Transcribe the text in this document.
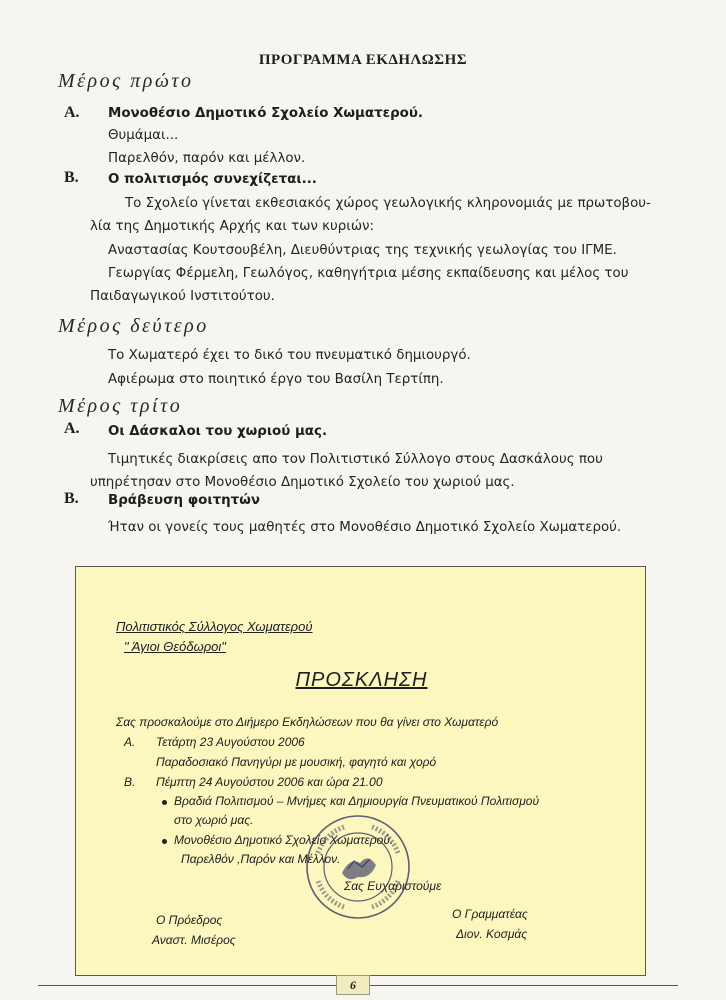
ΠΡΟΓΡΑΜΜΑ ΕΚΔΗΛΩΣΗΣ
Μέρος πρώτο
Α. Μονοθέσιο Δημοτικό Σχολείο Χωματερού.
Θυμάμαι...
Παρελθόν, παρόν και μέλλον.
Β. Ο πολιτισμός συνεχίζεται...
Το Σχολείο γίνεται εκθεσιακός χώρος γεωλογικής κληρονομιάς με πρωτοβου-
λία της Δημοτικής Αρχής και των κυριών:
Αναστασίας Κουτσουβέλη, Διευθύντριας της τεχνικής γεωλογίας του ΙΓΜΕ.
Γεωργίας Φέρμελη, Γεωλόγος, καθηγήτρια μέσης εκπαίδευσης και μέλος του
Παιδαγωγικού Ινστιτούτου.
Μέρος δεύτερο
Το Χωματερό έχει το δικό του πνευματικό δημιουργό.
Αφιέρωμα στο ποιητικό έργο του Βασίλη Τερτίπη.
Μέρος τρίτο
Α. Οι Δάσκαλοι του χωριού μας.
Τιμητικές διακρίσεις απο τον Πολιτιστικό Σύλλογο στους Δασκάλους που
υπηρέτησαν στο Μονοθέσιο Δημοτικό Σχολείο του χωριού μας.
Β. Βράβευση φοιτητών
Ήταν οι γονείς τους μαθητές στο Μονοθέσιο Δημοτικό Σχολείο Χωματερού.
Πολιτιστικός Σύλλογος Χωματερού
" Άγιοι Θεόδωροι"
ΠΡΟΣΚΛΗΣΗ
Σας προσκαλούμε στο Διήμερο Εκδηλώσεων που θα γίνει στο Χωματερό
Α. Τετάρτη 23 Αυγούστου 2006
Παραδοσιακό Πανηγύρι με μουσική, φαγητό και χορό
Β. Πέμπτη 24 Αυγούστου 2006 και ώρα 21.00
Βραδιά Πολιτισμού – Μνήμες και Δημιουργία Πνευματικού Πολιτισμού
στο χωριό μας.
Μονοθέσιο Δημοτικό Σχολείο Χωματερού.
Παρελθόν ,Παρόν και Μέλλον.
Σας Ευχαριστούμε
Ο Πρόεδρος
Αναστ. Μισέρος
Ο Γραμματέας
Διον. Κοσμάς
6
